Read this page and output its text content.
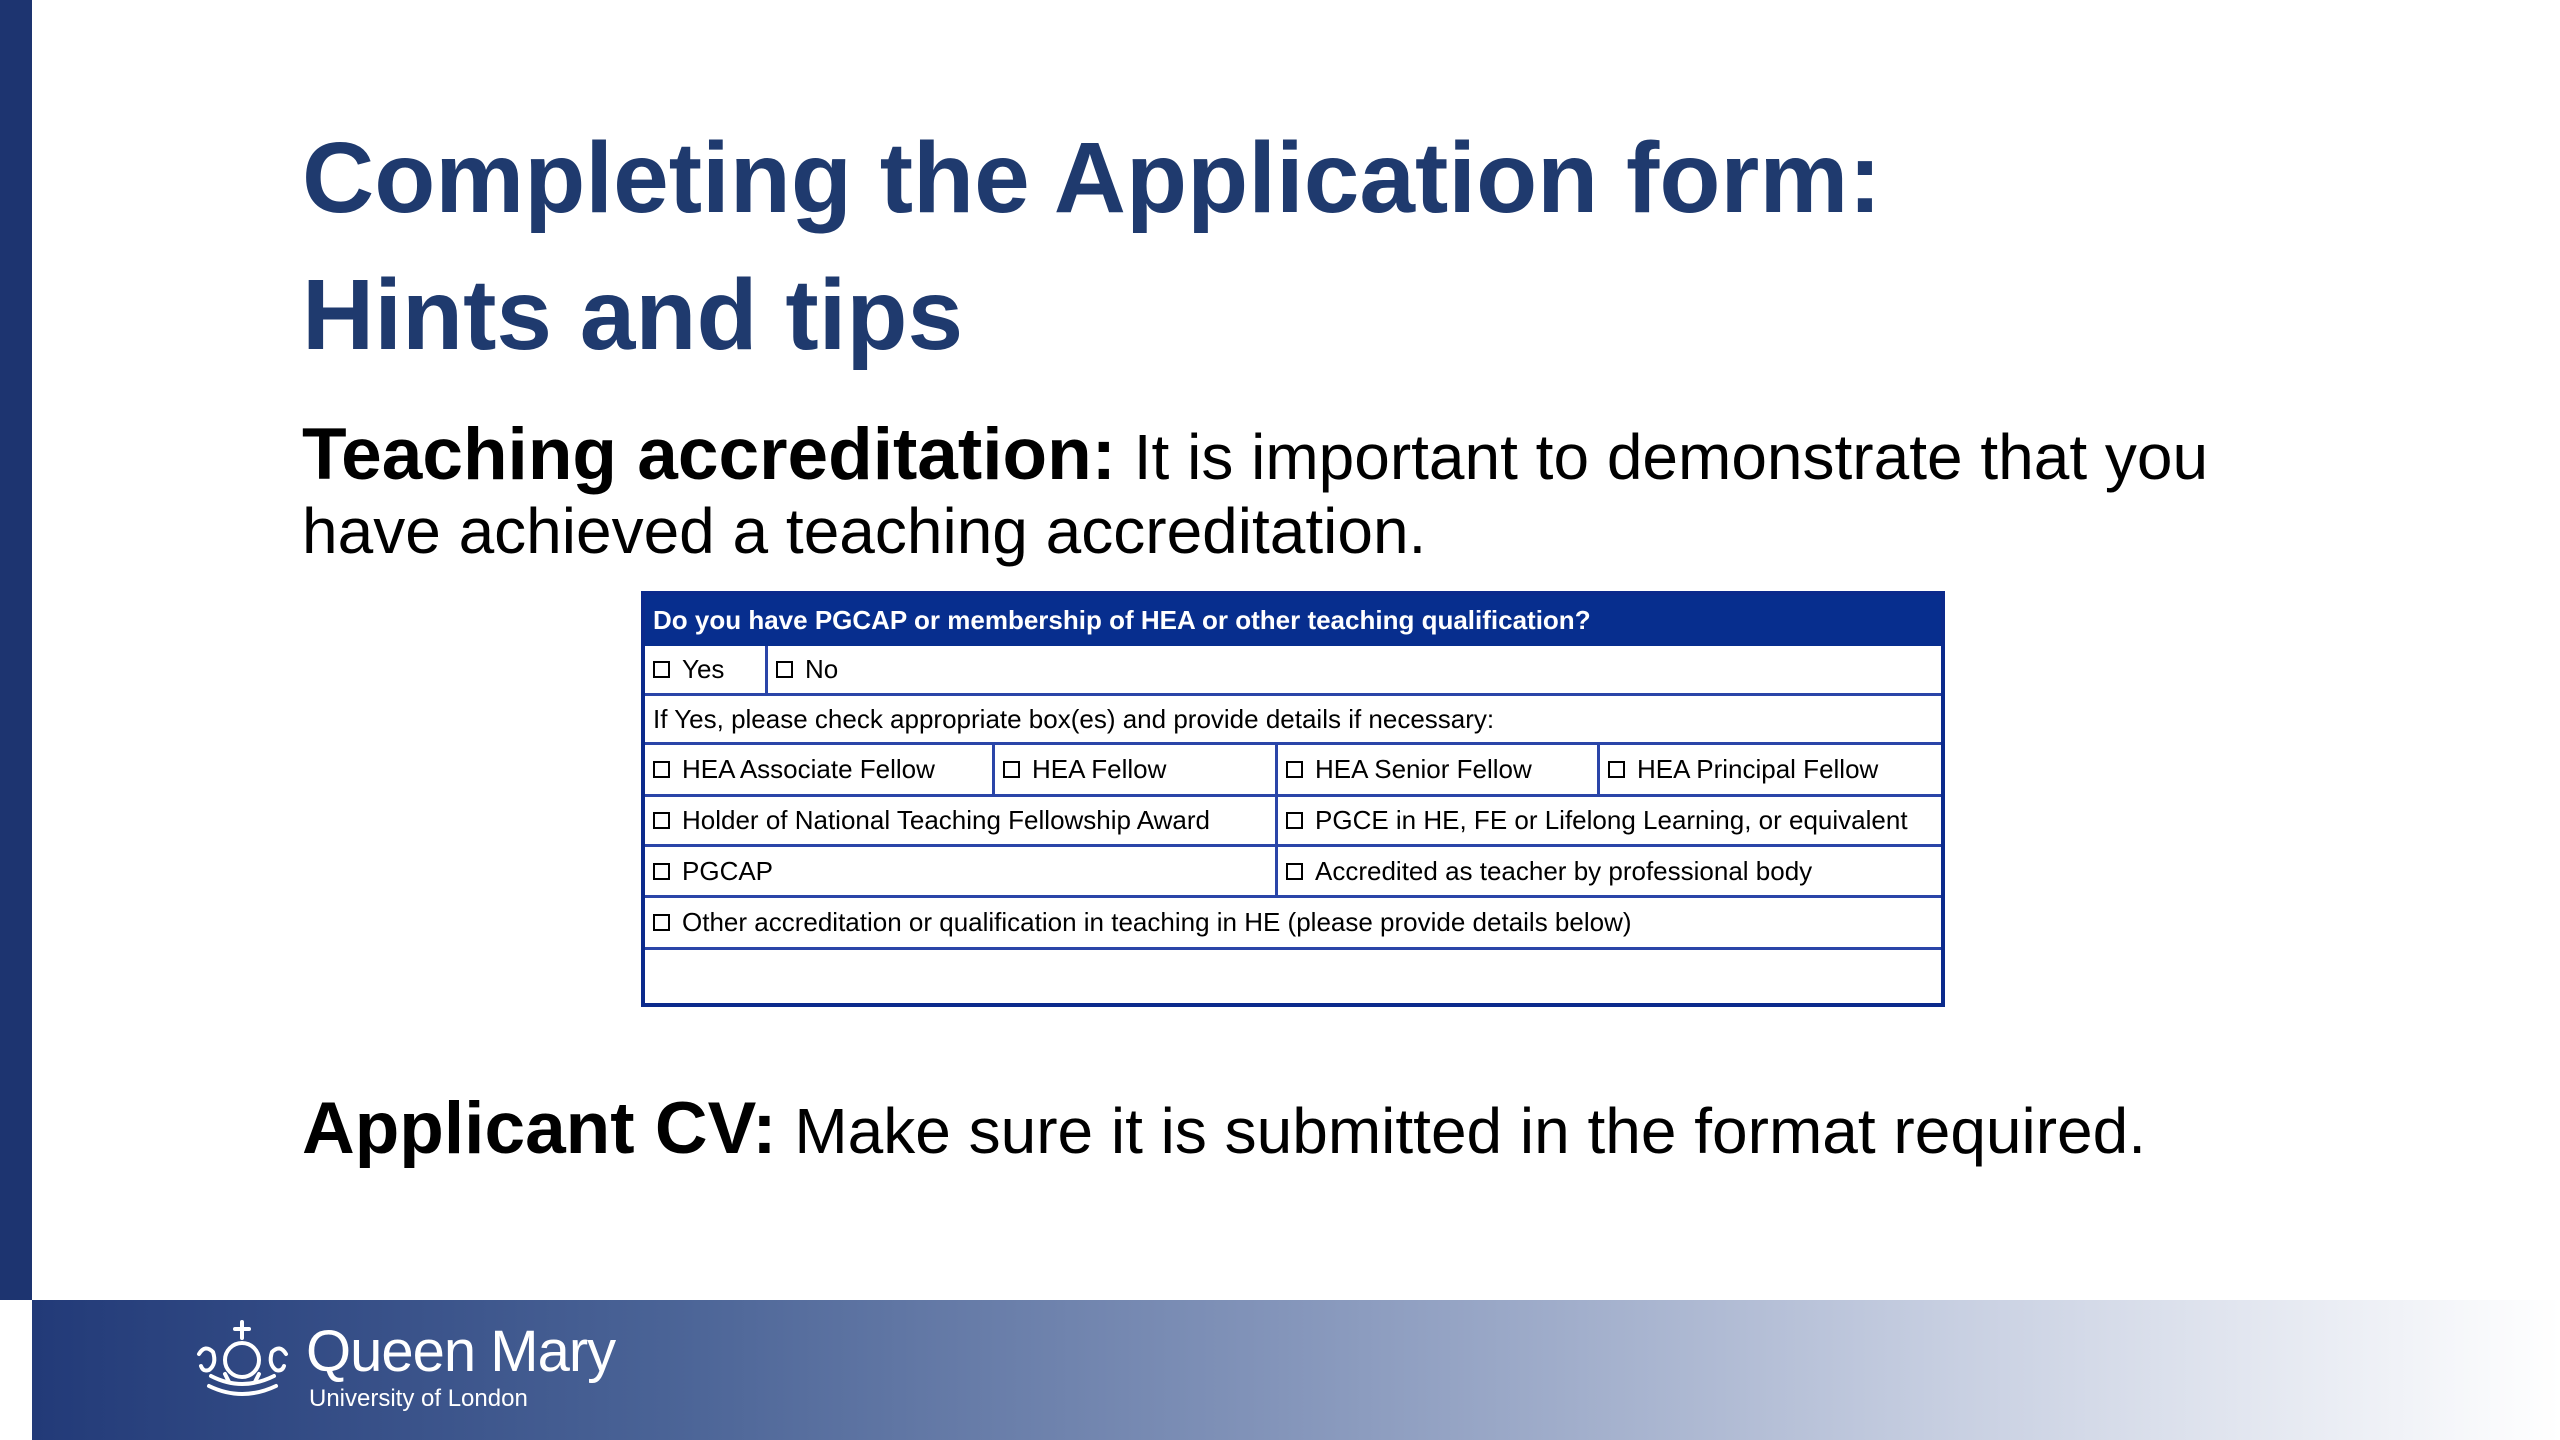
Completing the Application form:
Hints and tips

Teaching accreditation: It is important to demonstrate that you have achieved a teaching accreditation.

Do you have PGCAP or membership of HEA or other teaching qualification?
Yes	No
If Yes, please check appropriate box(es) and provide details if necessary:
HEA Associate Fellow	HEA Fellow	HEA Senior Fellow	HEA Principal Fellow
Holder of National Teaching Fellowship Award	PGCE in HE, FE or Lifelong Learning, or equivalent
PGCAP	Accredited as teacher by professional body
Other accreditation or qualification in teaching in HE (please provide details below)

Applicant CV: Make sure it is submitted in the format required.

Queen Mary
University of London
